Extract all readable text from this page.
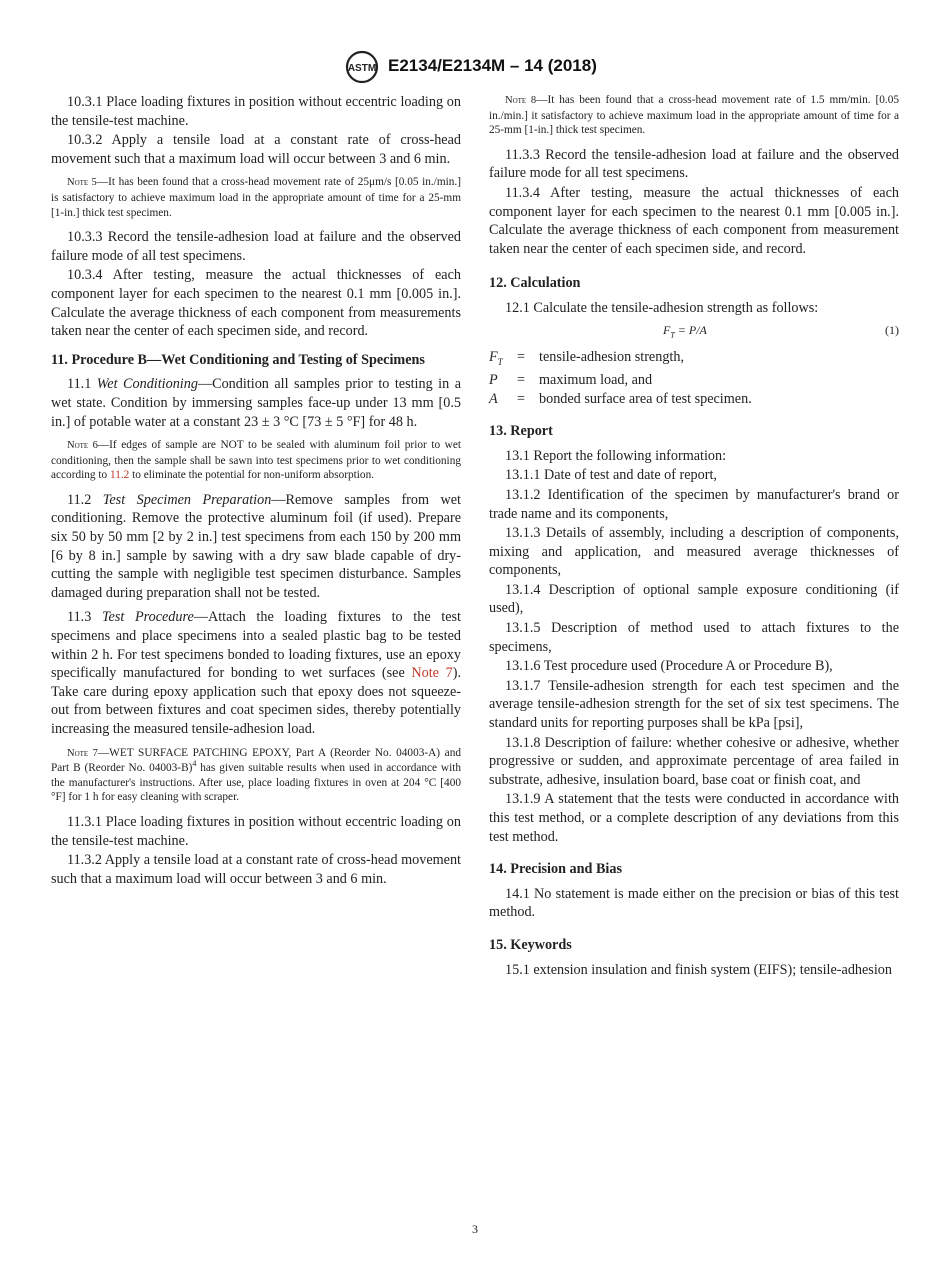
ASTM E2134/E2134M – 14 (2018)

10.3.1 Place loading fixtures in position without eccentric loading on the tensile-test machine.

10.3.2 Apply a tensile load at a constant rate of cross-head movement such that a maximum load will occur between 3 and 6 min.

Note 5—It has been found that a cross-head movement rate of 25μm/s [0.05 in./min.] is satisfactory to achieve maximum load in the appropriate amount of time for a 25-mm [1-in.] thick test specimen.

10.3.3 Record the tensile-adhesion load at failure and the observed failure mode of all test specimens.

10.3.4 After testing, measure the actual thicknesses of each component layer for each specimen to the nearest 0.1 mm [0.005 in.]. Calculate the average thickness of each component from measurements taken near the center of each specimen side, and record.

11. Procedure B—Wet Conditioning and Testing of Specimens

11.1 Wet Conditioning—Condition all samples prior to testing in a wet state. Condition by immersing samples face-up under 13 mm [0.5 in.] of potable water at a constant 23 ± 3 °C [73 ± 5 °F] for 48 h.

Note 6—If edges of sample are NOT to be sealed with aluminum foil prior to wet conditioning, then the sample shall be sawn into test specimens prior to wet conditioning according to 11.2 to eliminate the potential for non-uniform absorption.

11.2 Test Specimen Preparation—Remove samples from wet conditioning. Remove the protective aluminum foil (if used). Prepare six 50 by 50 mm [2 by 2 in.] test specimens from each 150 by 200 mm [6 by 8 in.] sample by sawing with a dry saw blade capable of dry-cutting the sample with negligible test specimen disturbance. Samples damaged during preparation shall not be tested.

11.3 Test Procedure—Attach the loading fixtures to the test specimens and place specimens into a sealed plastic bag to be tested within 2 h. For test specimens bonded to loading fixtures, use an epoxy specifically manufactured for bonding to wet surfaces (see Note 7). Take care during epoxy application such that epoxy does not squeeze-out from between fixtures and coat specimen sides, thereby potentially increasing the measured tensile-adhesion load.

Note 7—WET SURFACE PATCHING EPOXY, Part A (Reorder No. 04003-A) and Part B (Reorder No. 04003-B)$^4$ has given suitable results when used in accordance with the manufacturer's instructions. After use, place loading fixtures in oven at 204 °C [400 °F] for 1 h for easy cleaning with scraper.

11.3.1 Place loading fixtures in position without eccentric loading on the tensile-test machine.

11.3.2 Apply a tensile load at a constant rate of cross-head movement such that a maximum load will occur between 3 and 6 min.

Note 8—It has been found that a cross-head movement rate of 1.5 mm/min. [0.05 in./min.] it satisfactory to achieve maximum load in the appropriate amount of time for a 25-mm [1-in.] thick test specimen.

11.3.3 Record the tensile-adhesion load at failure and the observed failure mode for all test specimens.

11.3.4 After testing, measure the actual thicknesses of each component layer for each specimen to the nearest 0.1 mm [0.005 in.]. Calculate the average thickness of each component from measurement taken near the center of each specimen side, and record.

12. Calculation

12.1 Calculate the tensile-adhesion strength as follows:

$F_T = P/A$	(1)
$F_T$	= tensile-adhesion strength,
P	= maximum load, and
A	= bonded surface area of test specimen.
13. Report

13.1 Report the following information:

13.1.1 Date of test and date of report,

13.1.2 Identification of the specimen by manufacturer's brand or trade name and its components,

13.1.3 Details of assembly, including a description of components, mixing and application, and measured average thicknesses of components,

13.1.4 Description of optional sample exposure conditioning (if used),

13.1.5 Description of method used to attach fixtures to the specimens,

13.1.6 Test procedure used (Procedure A or Procedure B),

13.1.7 Tensile-adhesion strength for each test specimen and the average tensile-adhesion strength for the set of six test specimens. The standard units for reporting purposes shall be kPa [psi],

13.1.8 Description of failure: whether cohesive or adhesive, whether progressive or sudden, and approximate percentage of area failed in substrate, adhesive, insulation board, base coat or finish coat, and

13.1.9 A statement that the tests were conducted in accordance with this test method, or a complete description of any deviations from this test method.

14. Precision and Bias

14.1 No statement is made either on the precision or bias of this test method.

15. Keywords

15.1 extension insulation and finish system (EIFS); tensile-adhesion

3
